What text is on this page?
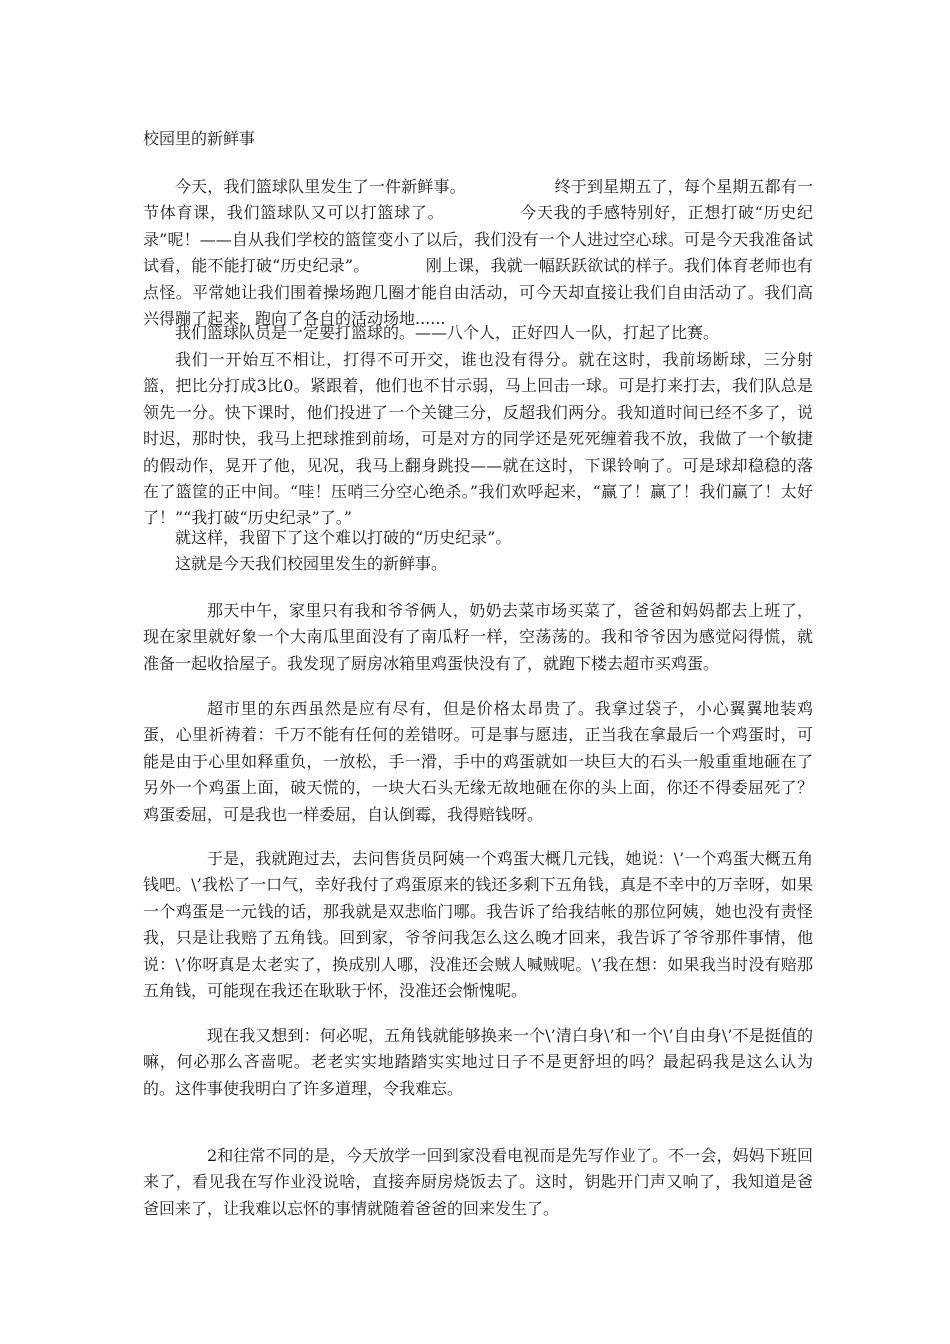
校园里的新鲜事

今天，我们篮球队里发生了一件新鲜事。　　　　　　终于到星期五了，每个星期五都有一节体育课，我们篮球队又可以打篮球了。　　　　　今天我的手感特别好，正想打破“历史纪录”呢！——自从我们学校的篮筐变小了以后，我们没有一个人进过空心球。可是今天我准备试试看，能不能打破“历史纪录”。　　　　刚上课，我就一幅跃跃欲试的样子。我们体育老师也有点怪。平常她让我们围着操场跑几圈才能自由活动，可今天却直接让我们自由活动了。我们高兴得蹦了起来，跑向了各自的活动场地......

我们篮球队员是一定要打篮球的。——八个人，正好四人一队，打起了比赛。

我们一开始互不相让，打得不可开交，谁也没有得分。就在这时，我前场断球，三分射篮，把比分打成3比0。紧跟着，他们也不甘示弱，马上回击一球。可是打来打去，我们队总是领先一分。快下课时，他们投进了一个关键三分，反超我们两分。我知道时间已经不多了，说时迟，那时快，我马上把球推到前场，可是对方的同学还是死死缠着我不放，我做了一个敏捷的假动作，晃开了他，见况，我马上翻身跳投——就在这时，下课铃响了。可是球却稳稳的落在了篮筐的正中间。“哇！压哨三分空心绝杀。”我们欢呼起来，“赢了！赢了！我们赢了！太好了！”“我打破“历史纪录”了。”

就这样，我留下了这个难以打破的“历史纪录”。

这就是今天我们校园里发生的新鲜事。

那天中午，家里只有我和爷爷俩人，奶奶去菜市场买菜了，爸爸和妈妈都去上班了，现在家里就好象一个大南瓜里面没有了南瓜籽一样，空荡荡的。我和爷爷因为感觉闷得慌，就准备一起收拾屋子。我发现了厨房冰箱里鸡蛋快没有了，就跑下楼去超市买鸡蛋。

超市里的东西虽然是应有尽有，但是价格太昂贵了。我拿过袋子，小心翼翼地装鸡蛋，心里祈祷着：千万不能有任何的差错呀。可是事与愿违，正当我在拿最后一个鸡蛋时，可能是由于心里如释重负，一放松，手一滑，手中的鸡蛋就如一块巨大的石头一般重重地砸在了另外一个鸡蛋上面，破天慌的，一块大石头无缘无故地砸在你的头上面，你还不得委屈死了？鸡蛋委屈，可是我也一样委屈，自认倒霉，我得赔钱呀。

于是，我就跑过去，去问售货员阿姨一个鸡蛋大概几元钱，她说：\’一个鸡蛋大概五角钱吧。\’我松了一口气，幸好我付了鸡蛋原来的钱还多剩下五角钱，真是不幸中的万幸呀，如果一个鸡蛋是一元钱的话，那我就是双悲临门哪。我告诉了给我结帐的那位阿姨，她也没有责怪我，只是让我赔了五角钱。回到家，爷爷问我怎么这么晚才回来，我告诉了爷爷那件事情，他说：\’你呀真是太老实了，换成别人哪，没准还会贼人喊贼呢。\’我在想：如果我当时没有赔那五角钱，可能现在我还在耿耿于怀，没准还会惭愧呢。

现在我又想到：何必呢，五角钱就能够换来一个\’清白身\’和一个\’自由身\’不是挺值的嘛，何必那么吝啬呢。老老实实地踏踏实实地过日子不是更舒坦的吗？最起码我是这么认为的。这件事使我明白了许多道理，令我难忘。

2和往常不同的是，今天放学一回到家没看电视而是先写作业了。不一会，妈妈下班回来了，看见我在写作业没说啥，直接奔厨房烧饭去了。这时，钥匙开门声又响了，我知道是爸爸回来了，让我难以忘怀的事情就随着爸爸的回来发生了。
